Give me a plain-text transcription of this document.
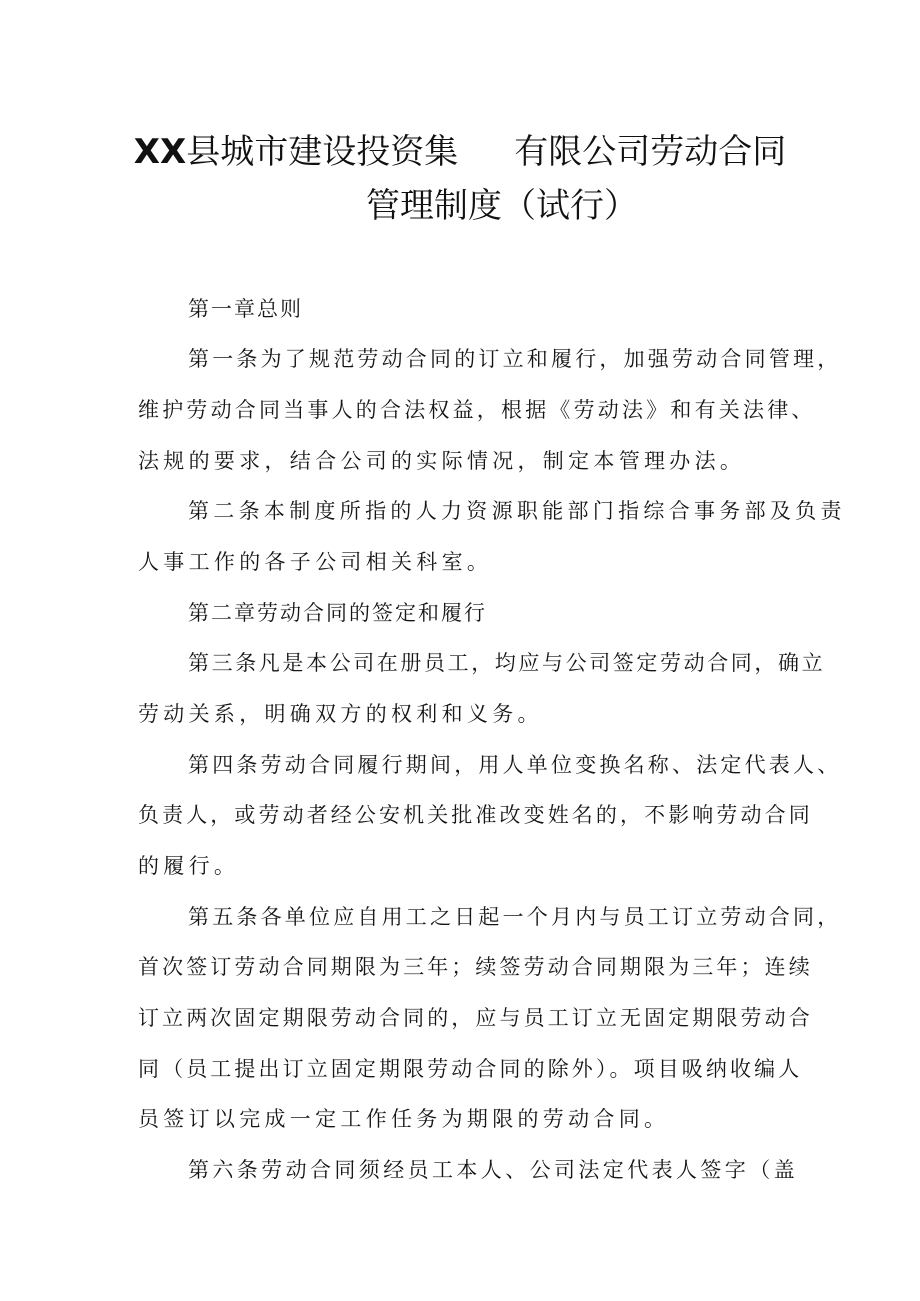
XX县城市建设投资集 有限公司劳动合同
管理制度（试行）
第一章总则
第一条为了规范劳动合同的订立和履行，加强劳动合同管理，
维护劳动合同当事人的合法权益，根据《劳动法》和有关法律、
法规的要求，结合公司的实际情况，制定本管理办法。
第二条本制度所指的人力资源职能部门指综合事务部及负责
人事工作的各子公司相关科室。
第二章劳动合同的签定和履行
第三条凡是本公司在册员工，均应与公司签定劳动合同，确立
劳动关系，明确双方的权利和义务。
第四条劳动合同履行期间，用人单位变换名称、法定代表人、
负责人，或劳动者经公安机关批准改变姓名的，不影响劳动合同
的履行。
第五条各单位应自用工之日起一个月内与员工订立劳动合同，
首次签订劳动合同期限为三年；续签劳动合同期限为三年；连续
订立两次固定期限劳动合同的，应与员工订立无固定期限劳动合
同（员工提出订立固定期限劳动合同的除外）。项目吸纳收编人
员签订以完成一定工作任务为期限的劳动合同。
第六条劳动合同须经员工本人、公司法定代表人签字（盖
